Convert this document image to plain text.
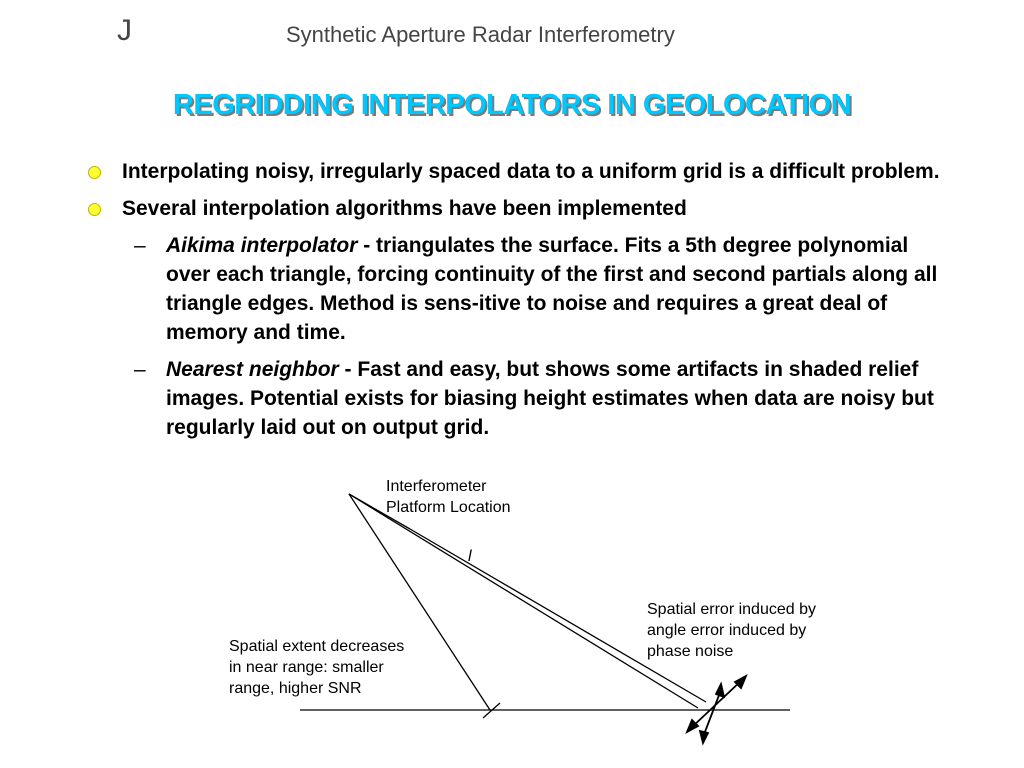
J	Synthetic Aperture Radar Interferometry
REGRIDDING INTERPOLATORS IN GEOLOCATION
Interpolating noisy, irregularly spaced data to a uniform grid is a difficult problem.
Several interpolation algorithms have been implemented
– Aikima interpolator - triangulates the surface. Fits a 5th degree polynomial over each triangle, forcing continuity of the first and second partials along all triangle edges. Method is sens-itive to noise and requires a great deal of memory and time.
– Nearest neighbor - Fast and easy, but shows some artifacts in shaded relief images. Potential exists for biasing height estimates when data are noisy but regularly laid out on output grid.
Interferometer
Platform Location
l
Spatial error induced by
angle error induced by
phase noise
Spatial extent decreases
in near range: smaller
range, higher SNR
